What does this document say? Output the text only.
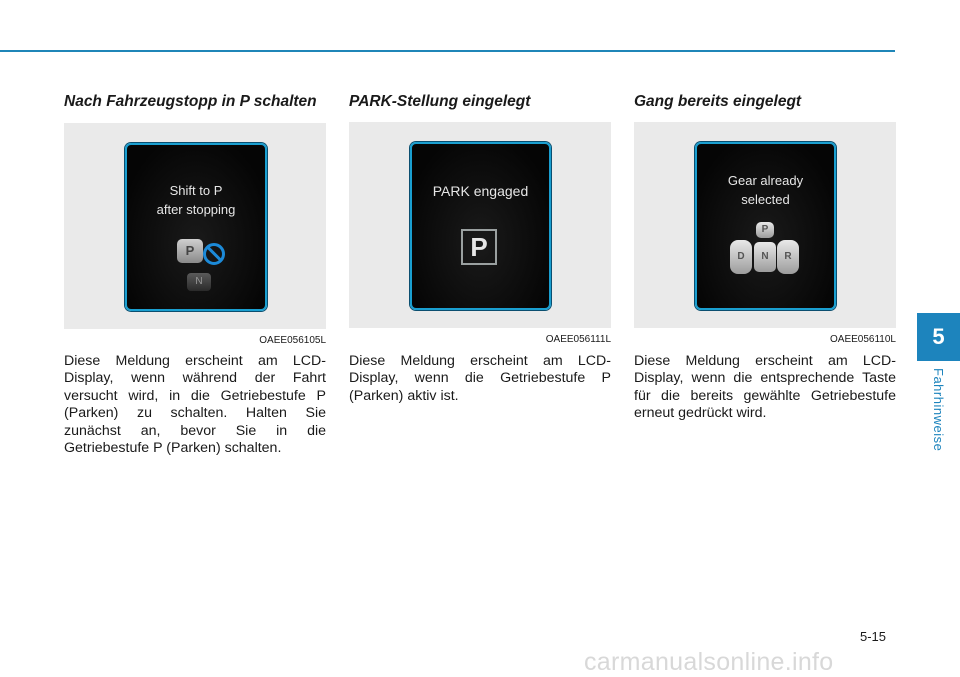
Nach Fahrzeugstopp in P schalten
Shift to P
after stopping
P
N
OAEE056105L
Diese Meldung erscheint am LCD-Display, wenn während der Fahrt versucht wird, in die Getriebestufe P (Parken) zu schalten. Halten Sie zunächst an, bevor Sie in die Getriebestufe P (Parken) schalten.
PARK-Stellung eingelegt
PARK engaged
P
OAEE056111L
Diese Meldung erscheint am LCD-Display, wenn die Getriebestufe P (Parken) aktiv ist.
Gang bereits eingelegt
Gear already
selected
P
D	N	R
OAEE056110L
Diese Meldung erscheint am LCD-Display, wenn die entsprechende Taste für die bereits gewählte Getriebestufe erneut gedrückt wird.
5
Fahrhinweise
5-15
carmanualsonline.info
